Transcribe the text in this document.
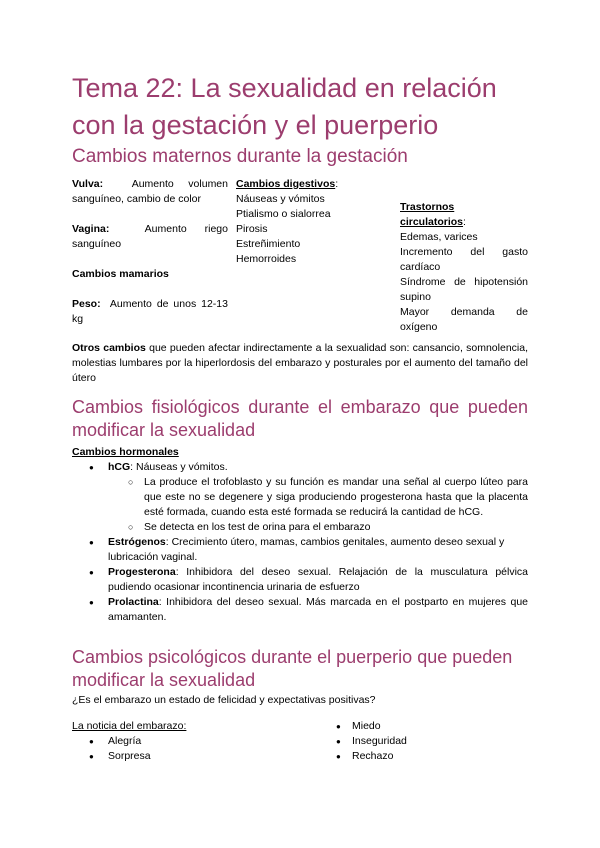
Tema 22: La sexualidad en relación con la gestación y el puerperio
Cambios maternos durante la gestación

Vulva:	Aumento volumen sanguíneo, cambio de color

Vagina:	Aumento riego sanguíneo

Cambios mamarios

Peso: Aumento de unos 12-13 kg

Cambios digestivos:

Náuseas y vómitos

Ptialismo o sialorrea

Pirosis

Estreñimiento

Hemorroides

Trastornos circulatorios:

Edemas, varices

Incremento del gasto cardíaco

Síndrome de hipotensión supino

Mayor demanda de oxígeno

Otros cambios que pueden afectar indirectamente a la sexualidad son: cansancio, somnolencia, molestias lumbares por la hiperlordosis del embarazo y posturales por el aumento del tamaño del útero

Cambios fisiológicos durante el embarazo que pueden modificar la sexualidad

Cambios hormonales

● hCG: Náuseas y vómitos.
○ La produce el trofoblasto y su función es mandar una señal al cuerpo lúteo para que este no se degenere y siga produciendo progesterona hasta que la placenta esté formada, cuando esta esté formada se reducirá la cantidad de hCG.
○ Se detecta en los test de orina para el embarazo
● Estrógenos: Crecimiento útero, mamas, cambios genitales, aumento deseo sexual y lubricación vaginal.
● Progesterona: Inhibidora del deseo sexual. Relajación de la musculatura pélvica pudiendo ocasionar incontinencia urinaria de esfuerzo
● Prolactina: Inhibidora del deseo sexual. Más marcada en el postparto en mujeres que amamanten.
Cambios psicológicos durante el puerperio que pueden modificar la sexualidad

¿Es el embarazo un estado de felicidad y expectativas positivas?

La noticia del embarazo:

● Alegría
● Sorpresa
● Miedo
● Inseguridad
● Rechazo
